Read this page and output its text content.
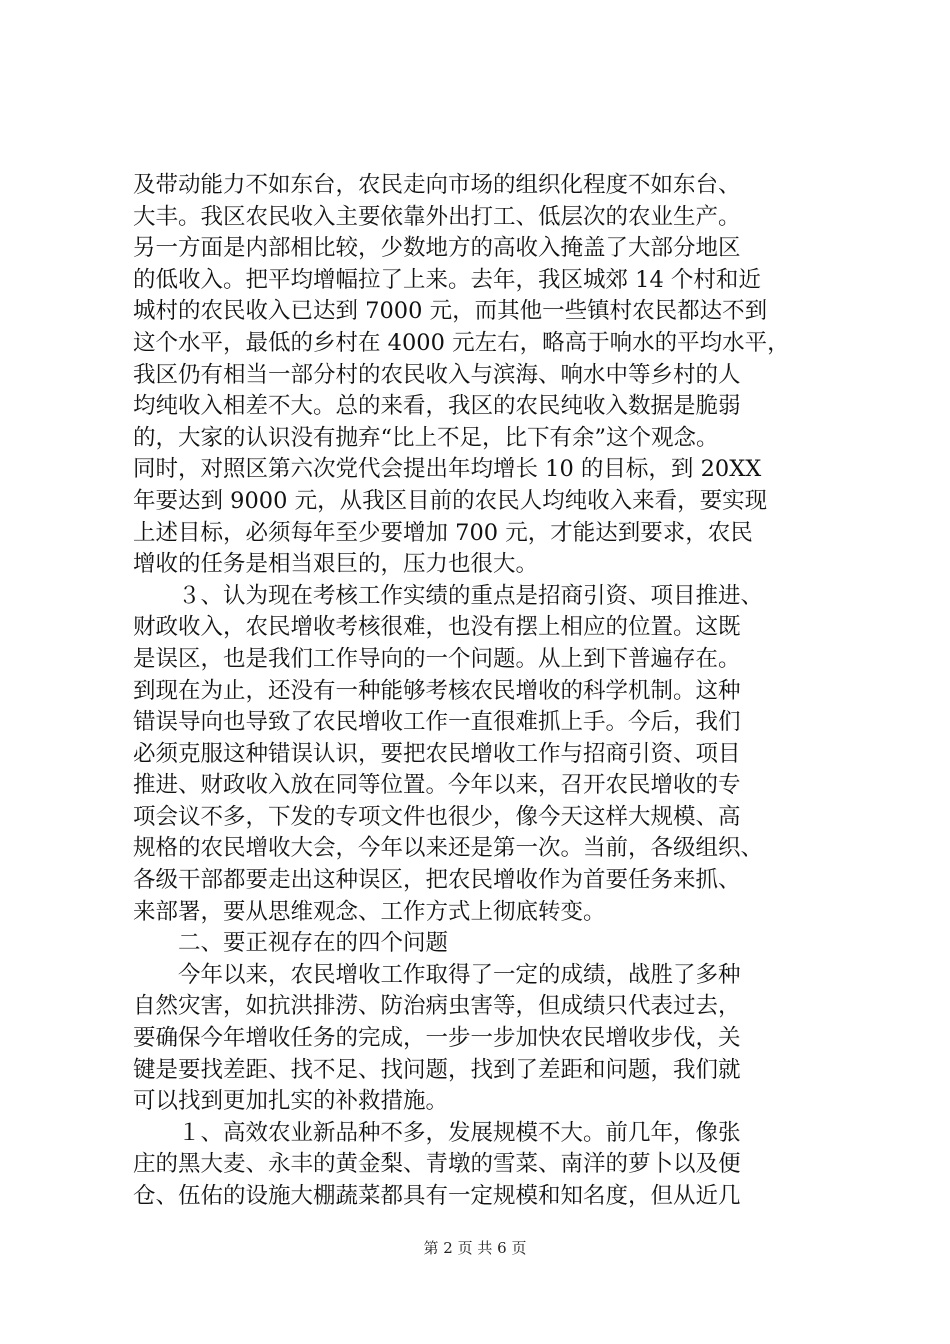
及带动能力不如东台，农民走向市场的组织化程度不如东台、
大丰。我区农民收入主要依靠外出打工、低层次的农业生产。
另一方面是内部相比较，少数地方的高收入掩盖了大部分地区
的低收入。把平均增幅拉了上来。去年，我区城郊 14 个村和近
城村的农民收入已达到 7000 元，而其他一些镇村农民都达不到
这个水平，最低的乡村在 4000 元左右，略高于响水的平均水平，
我区仍有相当一部分村的农民收入与滨海、响水中等乡村的人
均纯收入相差不大。总的来看，我区的农民纯收入数据是脆弱
的，大家的认识没有抛弃“比上不足，比下有余”这个观念。
同时，对照区第六次党代会提出年均增长 10 的目标，到 20XX
年要达到 9000 元，从我区目前的农民人均纯收入来看，要实现
上述目标，必须每年至少要增加 700 元，才能达到要求，农民
增收的任务是相当艰巨的，压力也很大。
　　３、认为现在考核工作实绩的重点是招商引资、项目推进、
财政收入，农民增收考核很难，也没有摆上相应的位置。这既
是误区，也是我们工作导向的一个问题。从上到下普遍存在。
到现在为止，还没有一种能够考核农民增收的科学机制。这种
错误导向也导致了农民增收工作一直很难抓上手。今后，我们
必须克服这种错误认识，要把农民增收工作与招商引资、项目
推进、财政收入放在同等位置。今年以来，召开农民增收的专
项会议不多，下发的专项文件也很少，像今天这样大规模、高
规格的农民增收大会，今年以来还是第一次。当前，各级组织、
各级干部都要走出这种误区，把农民增收作为首要任务来抓、
来部署，要从思维观念、工作方式上彻底转变。
　　二、要正视存在的四个问题
　　今年以来，农民增收工作取得了一定的成绩，战胜了多种
自然灾害，如抗洪排涝、防治病虫害等，但成绩只代表过去，
要确保今年增收任务的完成，一步一步加快农民增收步伐，关
键是要找差距、找不足、找问题，找到了差距和问题，我们就
可以找到更加扎实的补救措施。
　　１、高效农业新品种不多，发展规模不大。前几年，像张
庄的黑大麦、永丰的黄金梨、青墩的雪菜、南洋的萝卜以及便
仓、伍佑的设施大棚蔬菜都具有一定规模和知名度，但从近几
第 2 页 共 6 页
